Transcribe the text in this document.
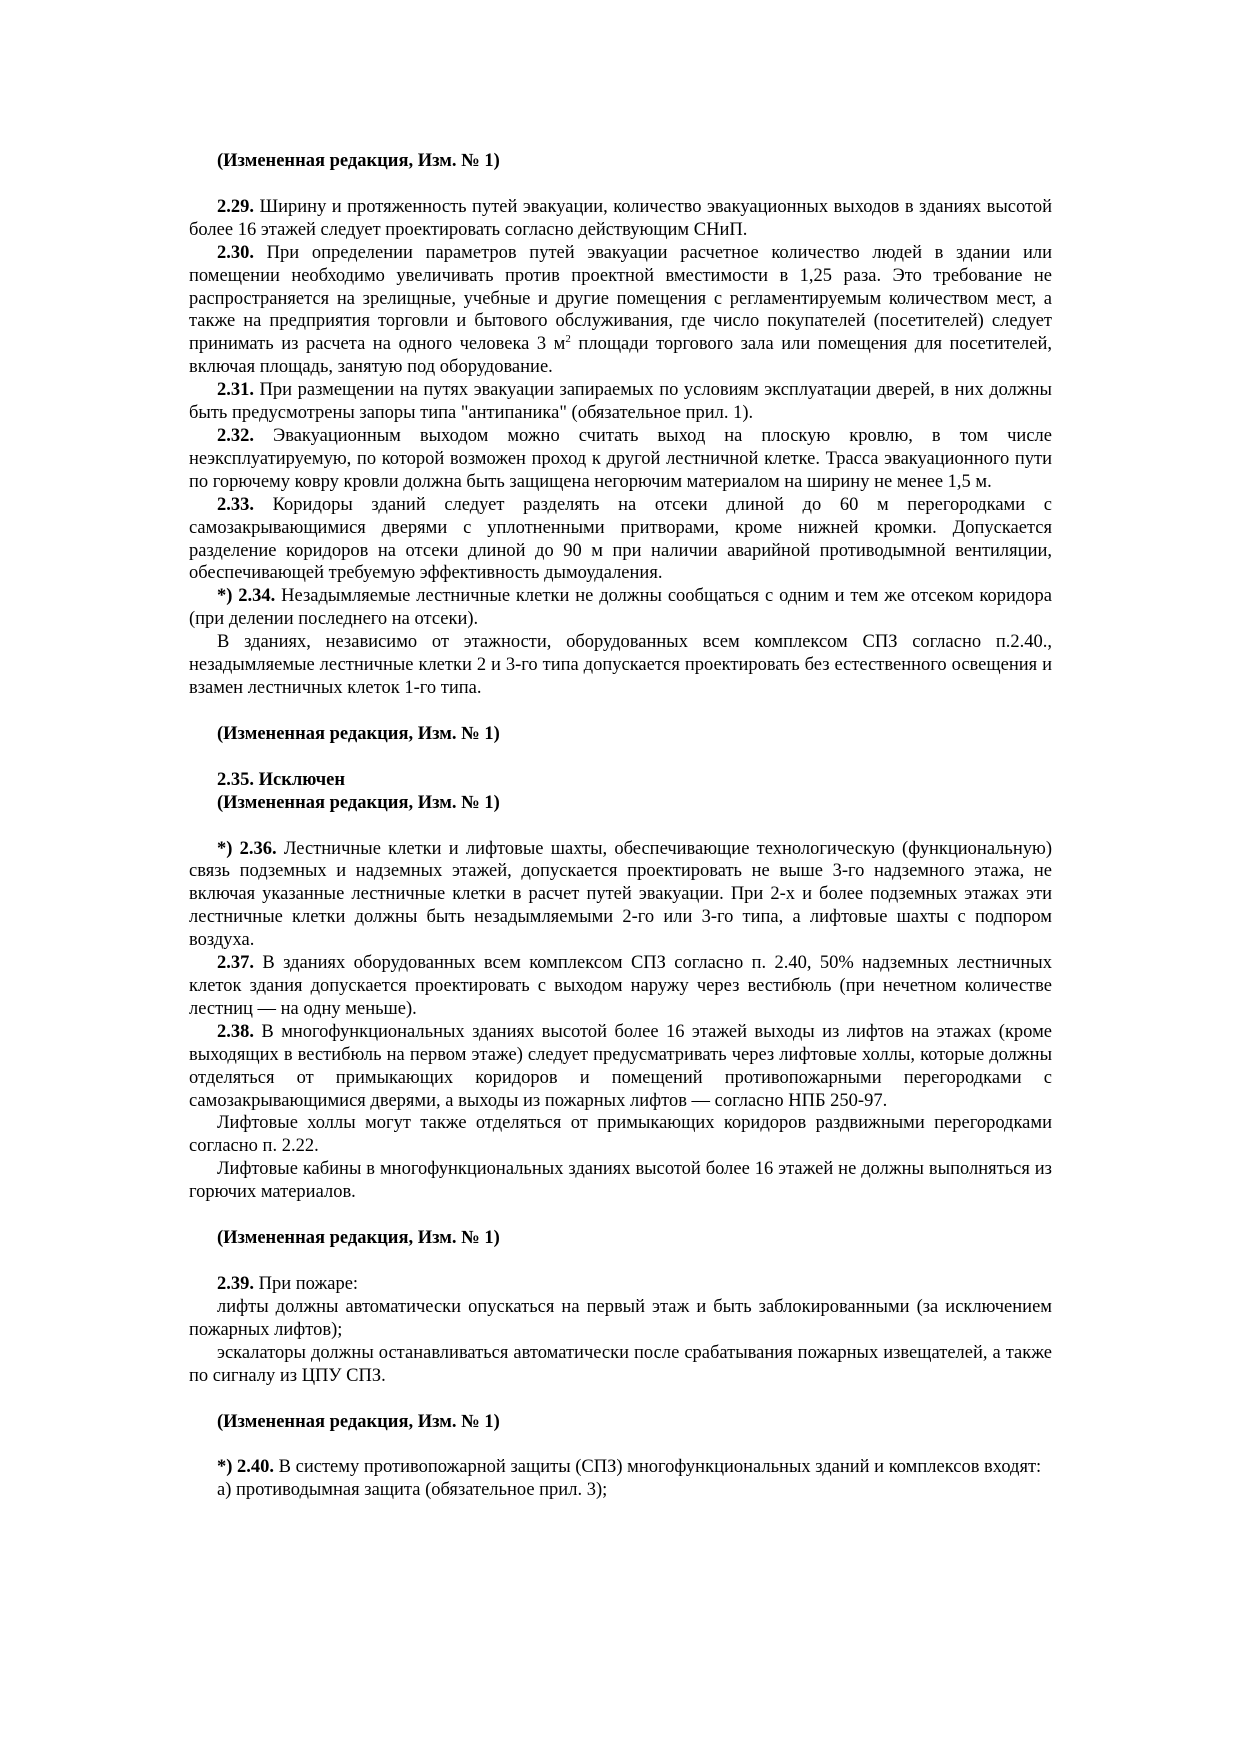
(Измененная редакция, Изм. № 1)

2.29. Ширину и протяженность путей эвакуации, количество эвакуационных выходов в зданиях высотой более 16 этажей следует проектировать согласно действующим СНиП.

2.30. При определении параметров путей эвакуации расчетное количество людей в здании или помещении необходимо увеличивать против проектной вместимости в 1,25 раза. Это требование не распространяется на зрелищные, учебные и другие помещения с регламентируемым количеством мест, а также на предприятия торговли и бытового обслуживания, где число покупателей (посетителей) следует принимать из расчета на одного человека 3 $м^2$ площади торгового зала или помещения для посетителей, включая площадь, занятую под оборудование.

2.31. При размещении на путях эвакуации запираемых по условиям эксплуатации дверей, в них должны быть предусмотрены запоры типа "антипаника" (обязательное прил. 1).

2.32. Эвакуационным выходом можно считать выход на плоскую кровлю, в том числе неэксплуатируемую, по которой возможен проход к другой лестничной клетке. Трасса эвакуационного пути по горючему ковру кровли должна быть защищена негорючим материалом на ширину не менее 1,5 м.

2.33. Коридоры зданий следует разделять на отсеки длиной до 60 м перегородками с самозакрывающимися дверями с уплотненными притворами, кроме нижней кромки. Допускается разделение коридоров на отсеки длиной до 90 м при наличии аварийной противодымной вентиляции, обеспечивающей требуемую эффективность дымоудаления.

*) 2.34. Незадымляемые лестничные клетки не должны сообщаться с одним и тем же отсеком коридора (при делении последнего на отсеки).

В зданиях, независимо от этажности, оборудованных всем комплексом СПЗ согласно п.2.40., незадымляемые лестничные клетки 2 и 3-го типа допускается проектировать без естественного освещения и взамен лестничных клеток 1-го типа.

(Измененная редакция, Изм. № 1)

2.35. Исключен

(Измененная редакция, Изм. № 1)

*) 2.36. Лестничные клетки и лифтовые шахты, обеспечивающие технологическую (функциональную) связь подземных и надземных этажей, допускается проектировать не выше 3-го надземного этажа, не включая указанные лестничные клетки в расчет путей эвакуации. При 2-х и более подземных этажах эти лестничные клетки должны быть незадымляемыми 2-го или 3-го типа, а лифтовые шахты с подпором воздуха.

2.37. В зданиях оборудованных всем комплексом СПЗ согласно п. 2.40, 50% надземных лестничных клеток здания допускается проектировать с выходом наружу через вестибюль (при нечетном количестве лестниц — на одну меньше).

2.38. В многофункциональных зданиях высотой более 16 этажей выходы из лифтов на этажах (кроме выходящих в вестибюль на первом этаже) следует предусматривать через лифтовые холлы, которые должны отделяться от примыкающих коридоров и помещений противопожарными перегородками с самозакрывающимися дверями, а выходы из пожарных лифтов — согласно НПБ 250-97.

Лифтовые холлы могут также отделяться от примыкающих коридоров раздвижными перегородками согласно п. 2.22.

Лифтовые кабины в многофункциональных зданиях высотой более 16 этажей не должны выполняться из горючих материалов.

(Измененная редакция, Изм. № 1)

2.39. При пожаре:

лифты должны автоматически опускаться на первый этаж и быть заблокированными (за исключением пожарных лифтов);

эскалаторы должны останавливаться автоматически после срабатывания пожарных извещателей, а также по сигналу из ЦПУ СПЗ.

(Измененная редакция, Изм. № 1)

*) 2.40. В систему противопожарной защиты (СПЗ) многофункциональных зданий и комплексов входят:

а) противодымная защита (обязательное прил. 3);
